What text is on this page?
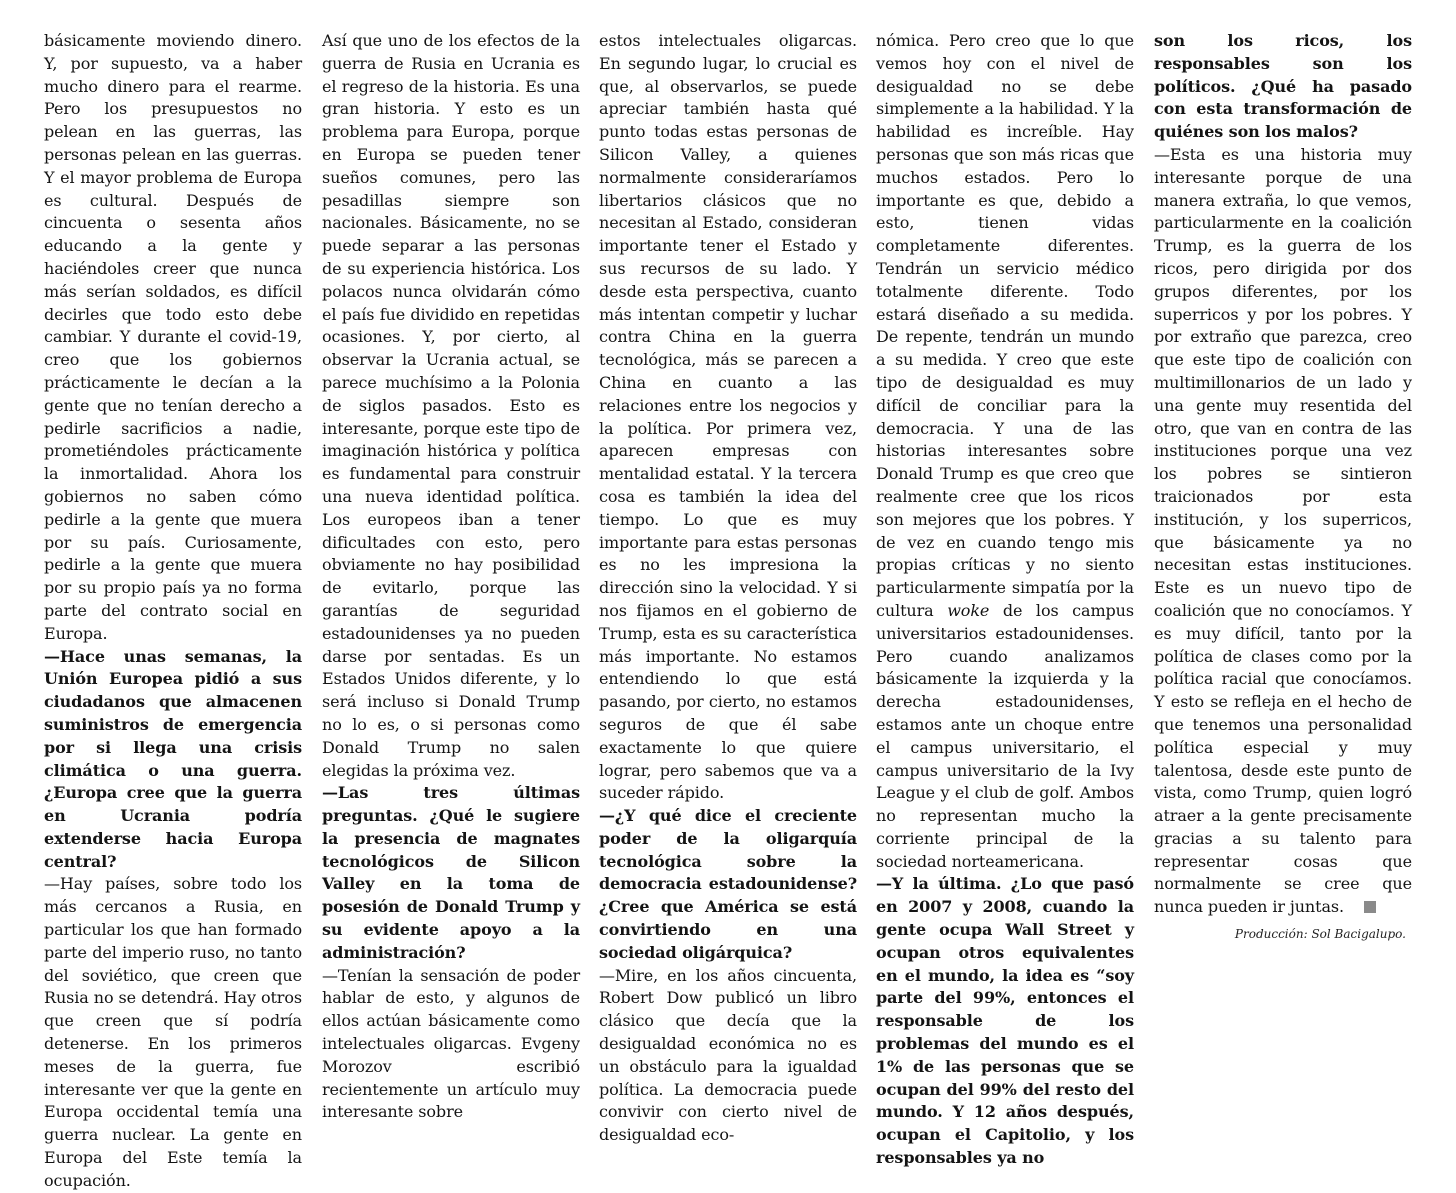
básicamente moviendo dinero. Y, por supuesto, va a haber mucho dinero para el rearme. Pero los presupuestos no pelean en las guerras, las personas pelean en las guerras. Y el mayor problema de Europa es cultural. Después de cincuenta o sesenta años educando a la gente y haciéndoles creer que nunca más serían soldados, es difícil decirles que todo esto debe cambiar. Y durante el covid-19, creo que los gobiernos prácticamente le decían a la gente que no tenían derecho a pedirle sacrificios a nadie, prometiéndoles prácticamente la inmortalidad. Ahora los gobiernos no saben cómo pedirle a la gente que muera por su país. Curiosamente, pedirle a la gente que muera por su propio país ya no forma parte del contrato social en Europa.

—Hace unas semanas, la Unión Europea pidió a sus ciudadanos que almacenen suministros de emergencia por si llega una crisis climática o una guerra. ¿Europa cree que la guerra en Ucrania podría extenderse hacia Europa central?

—Hay países, sobre todo los más cercanos a Rusia, en particular los que han formado parte del imperio ruso, no tanto del soviético, que creen que Rusia no se detendrá. Hay otros que creen que sí podría detenerse. En los primeros meses de la guerra, fue interesante ver que la gente en Europa occidental temía una guerra nuclear. La gente en Europa del Este temía la ocupación.

Así que uno de los efectos de la guerra de Rusia en Ucrania es el regreso de la historia. Es una gran historia. Y esto es un problema para Europa, porque en Europa se pueden tener sueños comunes, pero las pesadillas siempre son nacionales. Básicamente, no se puede separar a las personas de su experiencia histórica. Los polacos nunca olvidarán cómo el país fue dividido en repetidas ocasiones. Y, por cierto, al observar la Ucrania actual, se parece muchísimo a la Polonia de siglos pasados. Esto es interesante, porque este tipo de imaginación histórica y política es fundamental para construir una nueva identidad política. Los europeos iban a tener dificultades con esto, pero obviamente no hay posibilidad de evitarlo, porque las garantías de seguridad estadounidenses ya no pueden darse por sentadas. Es un Estados Unidos diferente, y lo será incluso si Donald Trump no lo es, o si personas como Donald Trump no salen elegidas la próxima vez.

—Las tres últimas preguntas. ¿Qué le sugiere la presencia de magnates tecnológicos de Silicon Valley en la toma de posesión de Donald Trump y su evidente apoyo a la administración?

—Tenían la sensación de poder hablar de esto, y algunos de ellos actúan básicamente como intelectuales oligarcas. Evgeny Morozov escribió recientemente un artículo muy interesante sobre

estos intelectuales oligarcas. En segundo lugar, lo crucial es que, al observarlos, se puede apreciar también hasta qué punto todas estas personas de Silicon Valley, a quienes normalmente consideraríamos libertarios clásicos que no necesitan al Estado, consideran importante tener el Estado y sus recursos de su lado. Y desde esta perspectiva, cuanto más intentan competir y luchar contra China en la guerra tecnológica, más se parecen a China en cuanto a las relaciones entre los negocios y la política. Por primera vez, aparecen empresas con mentalidad estatal. Y la tercera cosa es también la idea del tiempo. Lo que es muy importante para estas personas es no les impresiona la dirección sino la velocidad. Y si nos fijamos en el gobierno de Trump, esta es su característica más importante. No estamos entendiendo lo que está pasando, por cierto, no estamos seguros de que él sabe exactamente lo que quiere lograr, pero sabemos que va a suceder rápido.

—¿Y qué dice el creciente poder de la oligarquía tecnológica sobre la democracia estadounidense? ¿Cree que América se está convirtiendo en una sociedad oligárquica?

—Mire, en los años cincuenta, Robert Dow publicó un libro clásico que decía que la desigualdad económica no es un obstáculo para la igualdad política. La democracia puede convivir con cierto nivel de desigualdad eco-

nómica. Pero creo que lo que vemos hoy con el nivel de desigualdad no se debe simplemente a la habilidad. Y la habilidad es increíble. Hay personas que son más ricas que muchos estados. Pero lo importante es que, debido a esto, tienen vidas completamente diferentes. Tendrán un servicio médico totalmente diferente. Todo estará diseñado a su medida. De repente, tendrán un mundo a su medida. Y creo que este tipo de desigualdad es muy difícil de conciliar para la democracia. Y una de las historias interesantes sobre Donald Trump es que creo que realmente cree que los ricos son mejores que los pobres. Y de vez en cuando tengo mis propias críticas y no siento particularmente simpatía por la cultura woke de los campus universitarios estadounidenses. Pero cuando analizamos básicamente la izquierda y la derecha estadounidenses, estamos ante un choque entre el campus universitario, el campus universitario de la Ivy League y el club de golf. Ambos no representan mucho la corriente principal de la sociedad norteamericana.

—Y la última. ¿Lo que pasó en 2007 y 2008, cuando la gente ocupa Wall Street y ocupan otros equivalentes en el mundo, la idea es “soy parte del 99%, entonces el responsable de los problemas del mundo es el 1% de las personas que se ocupan del 99% del resto del mundo. Y 12 años después, ocupan el Capitolio, y los responsables ya no

son los ricos, los responsables son los políticos. ¿Qué ha pasado con esta transformación de quiénes son los malos?

—Esta es una historia muy interesante porque de una manera extraña, lo que vemos, particularmente en la coalición Trump, es la guerra de los ricos, pero dirigida por dos grupos diferentes, por los superricos y por los pobres. Y por extraño que parezca, creo que este tipo de coalición con multimillonarios de un lado y una gente muy resentida del otro, que van en contra de las instituciones porque una vez los pobres se sintieron traicionados por esta institución, y los superricos, que básicamente ya no necesitan estas instituciones. Este es un nuevo tipo de coalición que no conocíamos. Y es muy difícil, tanto por la política de clases como por la política racial que conocíamos. Y esto se refleja en el hecho de que tenemos una personalidad política especial y muy talentosa, desde este punto de vista, como Trump, quien logró atraer a la gente precisamente gracias a su talento para representar cosas que normalmente se cree que nunca pueden ir juntas.

Producción: Sol Bacigalupo.
